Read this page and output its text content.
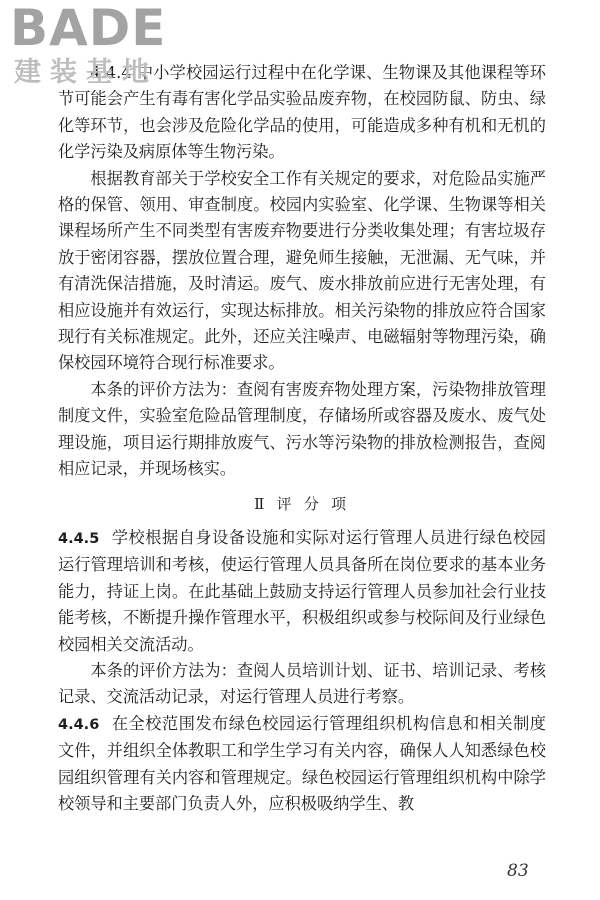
BADE
建装基地

4.4.4 中小学校园运行过程中在化学课、生物课及其他课程等环节可能会产生有毒有害化学品实验品废弃物，在校园防鼠、防虫、绿化等环节，也会涉及危险化学品的使用，可能造成多种有机和无机的化学污染及病原体等生物污染。

根据教育部关于学校安全工作有关规定的要求，对危险品实施严格的保管、领用、审查制度。校园内实验室、化学课、生物课等相关课程场所产生不同类型有害废弃物要进行分类收集处理；有害垃圾存放于密闭容器，摆放位置合理，避免师生接触，无泄漏、无气味，并有清洗保洁措施，及时清运。废气、废水排放前应进行无害处理，有相应设施并有效运行，实现达标排放。相关污染物的排放应符合国家现行有关标准规定。此外，还应关注噪声、电磁辐射等物理污染，确保校园环境符合现行标准要求。

本条的评价方法为：查阅有害废弃物处理方案，污染物排放管理制度文件，实验室危险品管理制度，存储场所或容器及废水、废气处理设施，项目运行期排放废气、污水等污染物的排放检测报告，查阅相应记录，并现场核实。

Ⅱ 评 分 项

4.4.5 学校根据自身设备设施和实际对运行管理人员进行绿色校园运行管理培训和考核，使运行管理人员具备所在岗位要求的基本业务能力，持证上岗。在此基础上鼓励支持运行管理人员参加社会行业技能考核，不断提升操作管理水平，积极组织或参与校际间及行业绿色校园相关交流活动。

本条的评价方法为：查阅人员培训计划、证书、培训记录、考核记录、交流活动记录，对运行管理人员进行考察。

4.4.6 在全校范围发布绿色校园运行管理组织机构信息和相关制度文件，并组织全体教职工和学生学习有关内容，确保人人知悉绿色校园组织管理有关内容和管理规定。绿色校园运行管理组织机构中除学校领导和主要部门负责人外，应积极吸纳学生、教

83
